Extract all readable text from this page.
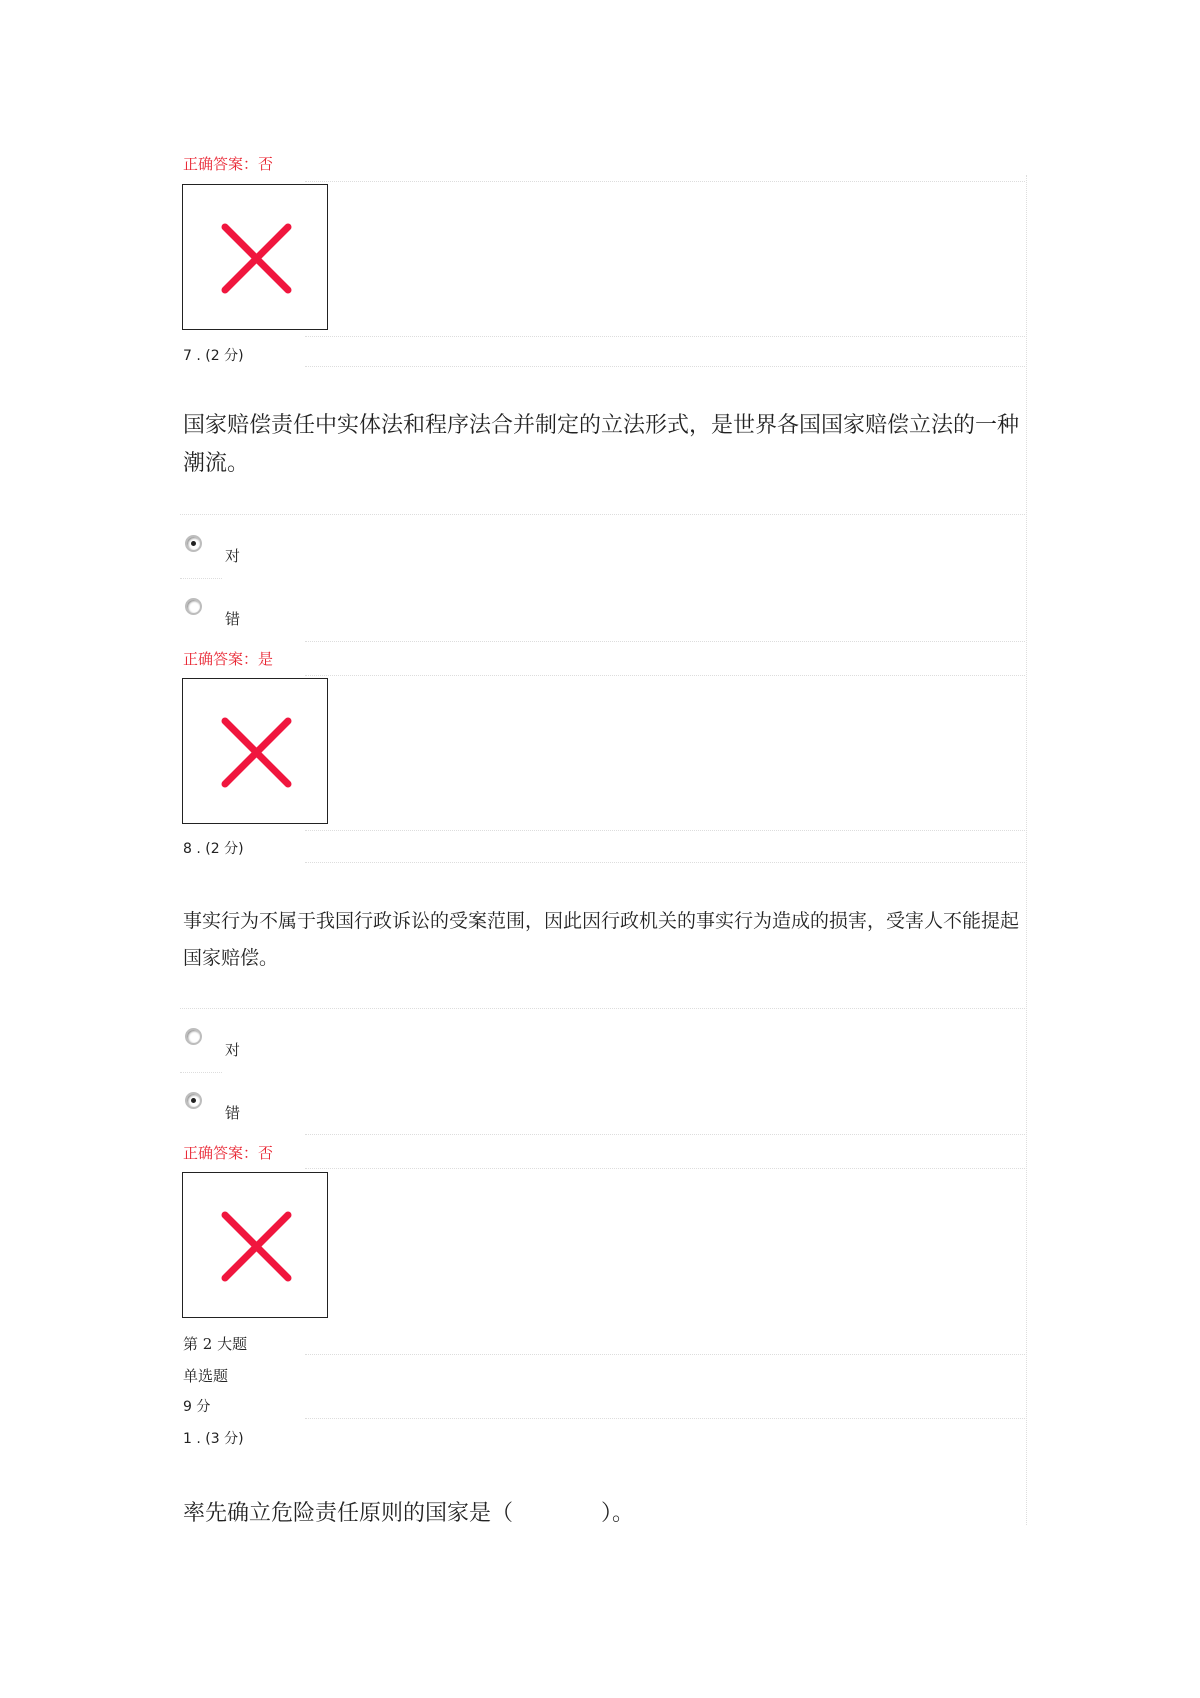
正确答案：否
7 . (2 分)
国家赔偿责任中实体法和程序法合并制定的立法形式，是世界各国国家赔偿立法的一种潮流。
对
错
正确答案：是
8 . (2 分)
事实行为不属于我国行政诉讼的受案范围，因此因行政机关的事实行为造成的损害，受害人不能提起国家赔偿。
对
错
正确答案：否
第 2 大题
单选题
9 分
1 . (3 分)
率先确立危险责任原则的国家是（　　　　）。
